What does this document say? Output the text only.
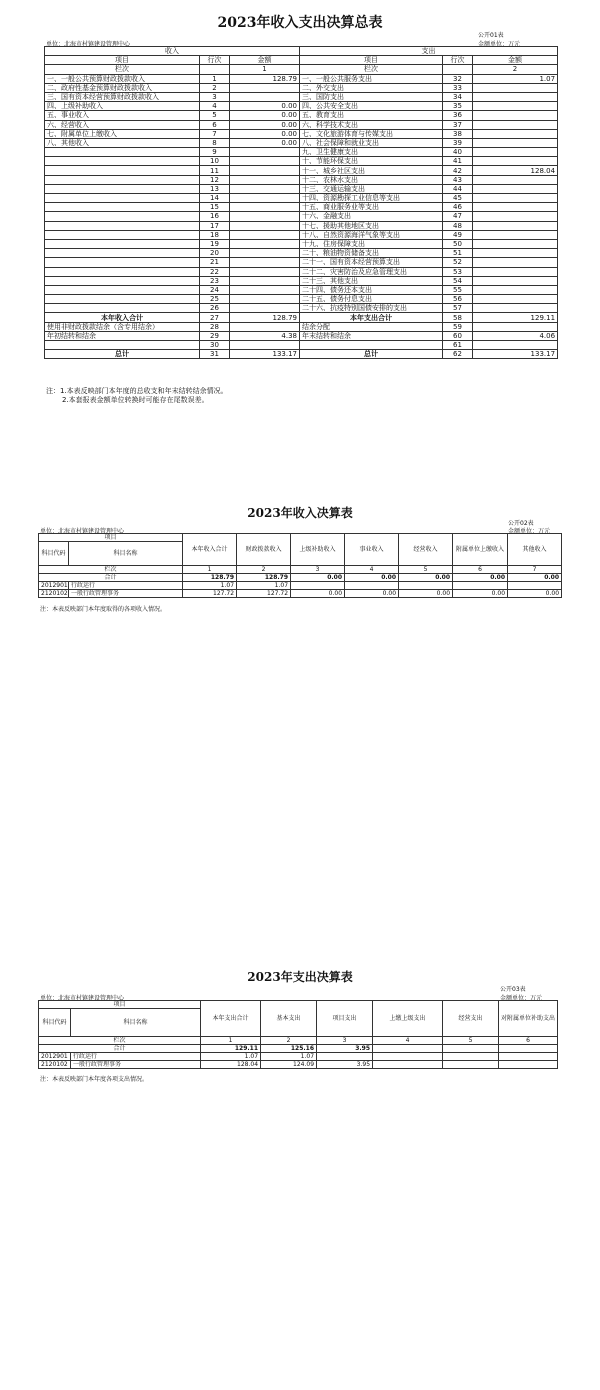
2023年收入支出决算总表
公开01表
单位：北海市村镇建设管理中心	金额单位：万元
收入			支出		
项目	行次	金额	项目	行次	金额
栏次		1	栏次		2
一、一般公共预算财政拨款收入	1	128.79	一、一般公共服务支出	32	1.07
二、政府性基金预算财政拨款收入	2		二、外交支出	33	
三、国有资本经营预算财政拨款收入	3		三、国防支出	34	
四、上级补助收入	4	0.00	四、公共安全支出	35	
五、事业收入	5	0.00	五、教育支出	36	
六、经营收入	6	0.00	六、科学技术支出	37	
七、附属单位上缴收入	7	0.00	七、文化旅游体育与传媒支出	38	
八、其他收入	8	0.00	八、社会保障和就业支出	39	
	9		九、卫生健康支出	40	
	10		十、节能环保支出	41	
	11		十一、城乡社区支出	42	128.04
	12		十二、农林水支出	43	
	13		十三、交通运输支出	44	
	14		十四、资源勘探工业信息等支出	45	
	15		十五、商业服务业等支出	46	
	16		十六、金融支出	47	
	17		十七、援助其他地区支出	48	
	18		十八、自然资源海洋气象等支出	49	
	19		十九、住房保障支出	50	
	20		二十、粮油物资储备支出	51	
	21		二十一、国有资本经营预算支出	52	
	22		二十二、灾害防治及应急管理支出	53	
	23		二十三、其他支出	54	
	24		二十四、债务还本支出	55	
	25		二十五、债务付息支出	56	
	26		二十六、抗疫特别国债安排的支出	57	
本年收入合计	27	128.79	本年支出合计	58	129.11
使用非财政拨款结余（含专用结余）	28		结余分配	59	
年初结转和结余	29	4.38	年末结转和结余	60	4.06
	30			61	
总计	31	133.17	总计	62	133.17
注：1.本表反映部门本年度的总收支和年末结转结余情况。
2.本套报表金额单位转换时可能存在尾数误差。
2023年收入决算表
公开02表
单位：北海市村镇建设管理中心	金额单位：万元
项目		本年收入合计	财政拨款收入	上级补助收入	事业收入	经营收入	附属单位上缴收入	其他收入
科目代码	科目名称							
栏次		1	2	3	4	5	6	7
合计		128.79	128.79	0.00	0.00	0.00	0.00	0.00
2012901	行政运行	1.07	1.07					
2120102	一般行政管理事务	127.72	127.72	0.00	0.00	0.00	0.00	0.00
注：本表反映部门本年度取得的各项收入情况。
2023年支出决算表
公开03表
单位：北海市村镇建设管理中心	金额单位：万元
项目		本年支出合计	基本支出	项目支出	上缴上级支出	经营支出	对附属单位补助支出
科目代码	科目名称						
栏次		1	2	3	4	5	6
合计		129.11	125.16	3.95			
2012901	行政运行	1.07	1.07				
2120102	一般行政管理事务	128.04	124.09	3.95			
注：本表反映部门本年度各项支出情况。
